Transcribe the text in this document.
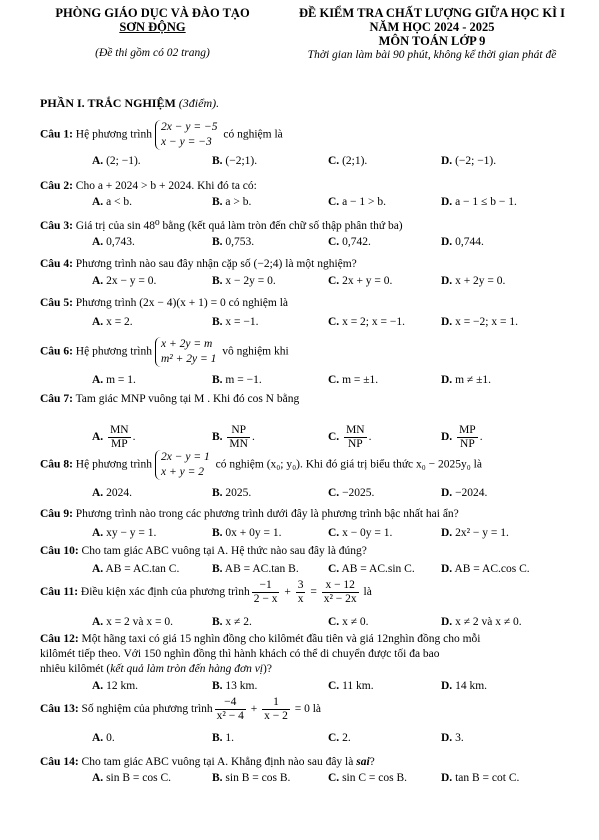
PHÒNG GIÁO DỤC VÀ ĐÀO TẠO
SƠN ĐỘNG
(Đề thi gồm có 02 trang)
ĐỀ KIỂM TRA CHẤT LƯỢNG GIỮA HỌC KÌ I
NĂM HỌC 2024 - 2025
MÔN TOÁN LỚP 9
Thời gian làm bài 90 phút, không kể thời gian phát đề
PHẦN I. TRẮC NGHIỆM (3điểm).
Câu 1: Hệ phương trình
2x − y = −5
x − y = −3
có nghiệm là
A. (2; −1).	B. (−2;1).	C. (2;1).	D. (−2; −1).
Câu 2: Cho a + 2024 > b + 2024. Khi đó ta có:
A. a < b.	B. a > b.	C. a − 1 > b.	D. a − 1 ≤ b − 1.
Câu 3: Giá trị của sin 48⁰ bằng (kết quả làm tròn đến chữ số thập phân thứ ba)
A. 0,743.	B. 0,753.	C. 0,742.	D. 0,744.
Câu 4: Phương trình nào sau đây nhận cặp số (−2;4) là một nghiệm?
A. 2x − y = 0.	B. x − 2y = 0.	C. 2x + y = 0.	D. x + 2y = 0.
Câu 5: Phương trình (2x − 4)(x + 1) = 0 có nghiệm là
A. x = 2.	B. x = −1.	C. x = 2; x = −1.	D. x = −2; x = 1.
Câu 6: Hệ phương trình
x + 2y = m
m² + 2y = 1
vô nghiệm khi
A. m = 1.	B. m = −1.	C. m = ±1.	D. m ≠ ±1.
Câu 7: Tam giác MNP vuông tại M . Khi đó cos N bằng
A. $\frac{MN}{MP}$ .	B. $\frac{NP}{MN}$ .	C. $\frac{MN}{NP}$ .	D. $\frac{MP}{NP}$ .
Câu 8: Hệ phương trình
2x − y = 1
x + y = 2
có nghiệm (x₀; y₀). Khi đó giá trị biểu thức x₀ − 2025y₀ là
A. 2024.	B. 2025.	C. −2025.	D. −2024.
Câu 9: Phương trình nào trong các phương trình dưới đây là phương trình bậc nhất hai ẩn?
A. xy − y = 1.	B. 0x + 0y = 1.	C. x − 0y = 1.	D. 2x² − y = 1.
Câu 10: Cho tam giác ABC vuông tại A. Hệ thức nào sau đây là đúng?
A. AB = AC.tan C.	B. AB = AC.tan B.	C. AB = AC.sin C. D. AB = AC.cos C.
Câu 11: Điều kiện xác định của phương trình $\frac{-1}{2 - x} + \frac{3}{x} = \frac{x - 12}{\text{x² − 2x}}$ là
A. x = 2 và x = 0.	B. x ≠ 2.	C. x ≠ 0.	D. x ≠ 2 và x ≠ 0.
Câu 12: Một hãng taxi có giá 15 nghìn đồng cho kilômét đầu tiên và giá 12nghìn đồng cho mỗi
kilômét tiếp theo. Với 150 nghìn đồng thì hành khách có thể di chuyển được tối đa bao
nhiêu kilômét (kết quả làm tròn đến hàng đơn vị)?
A. 12 km.	B. 13 km.	C. 11 km.	D. 14 km.
Câu 13: Số nghiệm của phương trình $\frac{-4}{\text{x² − 4}} + \frac{1}{x - 2} = 0$ là
A. 0.	B. 1.	C. 2.	D. 3.
Câu 14: Cho tam giác ABC vuông tại A. Khẳng định nào sau đây là sai?
A. sin B = cos C.	B. sin B = cos B.	C. sin C = cos B.	D. tan B = cot C.
